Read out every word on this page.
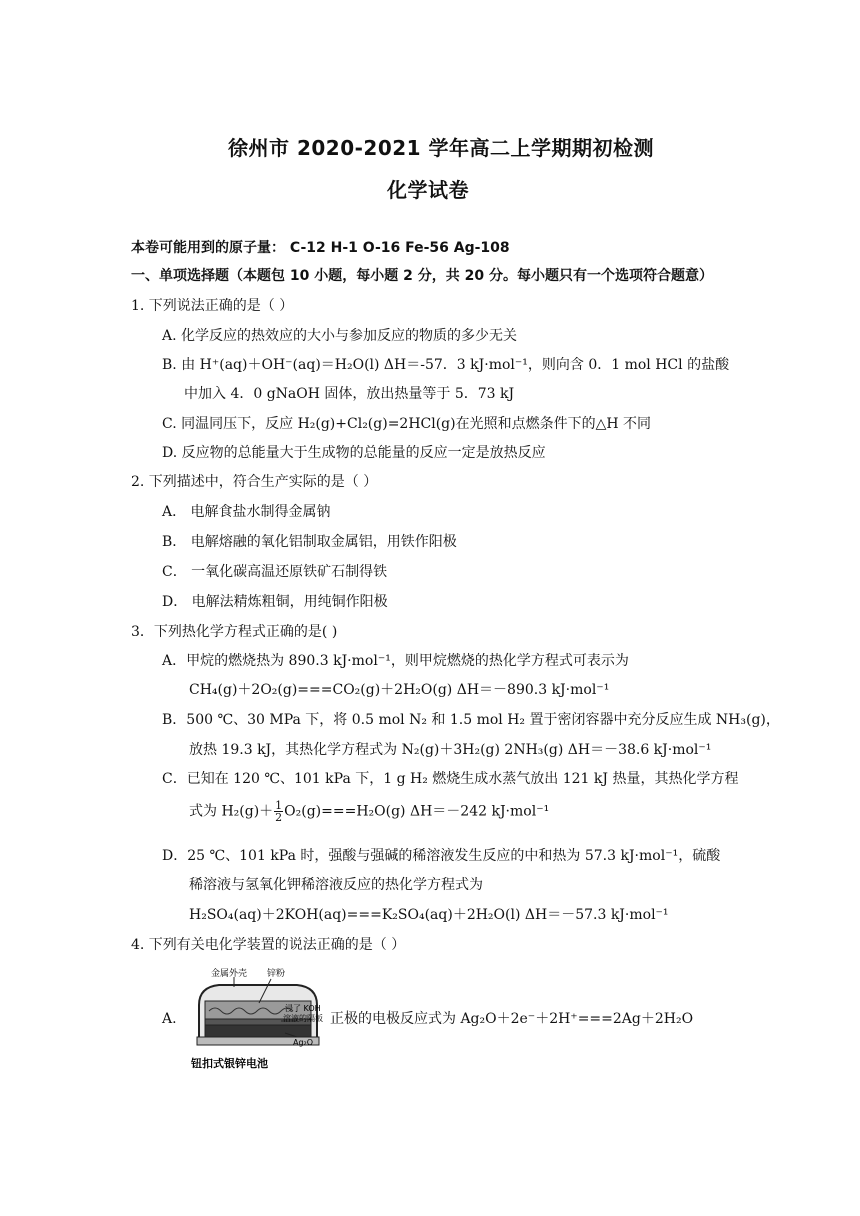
徐州市 2020-2021 学年高二上学期期初检测
化学试卷
本卷可能用到的原子量： C-12 H-1 O-16 Fe-56 Ag-108
一、单项选择题（本题包 10 小题，每小题 2 分，共 20 分。每小题只有一个选项符合题意）
1. 下列说法正确的是（ ）
A. 化学反应的热效应的大小与参加反应的物质的多少无关
B. 由 H⁺(aq)＋OH⁻(aq)＝H₂O(l) ΔH＝-57．3 kJ·mol⁻¹，则向含 0．1 mol HCl 的盐酸
中加入 4．0 gNaOH 固体，放出热量等于 5．73 kJ
C. 同温同压下，反应 H₂(g)+Cl₂(g)=2HCl(g)在光照和点燃条件下的△H 不同
D. 反应物的总能量大于生成物的总能量的反应一定是放热反应
2. 下列描述中，符合生产实际的是（ ）
A． 电解食盐水制得金属钠
B． 电解熔融的氧化铝制取金属铝，用铁作阳极
C． 一氧化碳高温还原铁矿石制得铁
D． 电解法精炼粗铜，用纯铜作阳极
3．下列热化学方程式正确的是( )
A．甲烷的燃烧热为 890.3 kJ·mol⁻¹，则甲烷燃烧的热化学方程式可表示为
CH₄(g)＋2O₂(g)===CO₂(g)＋2H₂O(g) ΔH＝－890.3 kJ·mol⁻¹
B．500 ℃、30 MPa 下，将 0.5 mol N₂ 和 1.5 mol H₂ 置于密闭容器中充分反应生成 NH₃(g)，
放热 19.3 kJ，其热化学方程式为 N₂(g)＋3H₂(g) 2NH₃(g) ΔH＝－38.6 kJ·mol⁻¹
C．已知在 120 ℃、101 kPa 下，1 g H₂ 燃烧生成水蒸气放出 121 kJ 热量，其热化学方程
式为 $H_2(g)+ \frac{1}{2} O_2(g)===H_2O(g)$ ΔH＝－242 kJ·mol⁻¹
D．25 ℃、101 kPa 时，强酸与强碱的稀溶液发生反应的中和热为 57.3 kJ·mol⁻¹，硫酸
稀溶液与氢氧化钾稀溶液反应的热化学方程式为
H₂SO₄(aq)＋2KOH(aq)===K₂SO₄(aq)＋2H₂O(l) ΔH＝－57.3 kJ·mol⁻¹
4. 下列有关电化学装置的说法正确的是（ ）
A.
金属外壳 锌粉
浸了 KOH
溶液的隔板
Ag₂O
钮扣式银锌电池
正极的电极反应式为 Ag₂O＋2e⁻＋2H⁺===2Ag＋2H₂O
